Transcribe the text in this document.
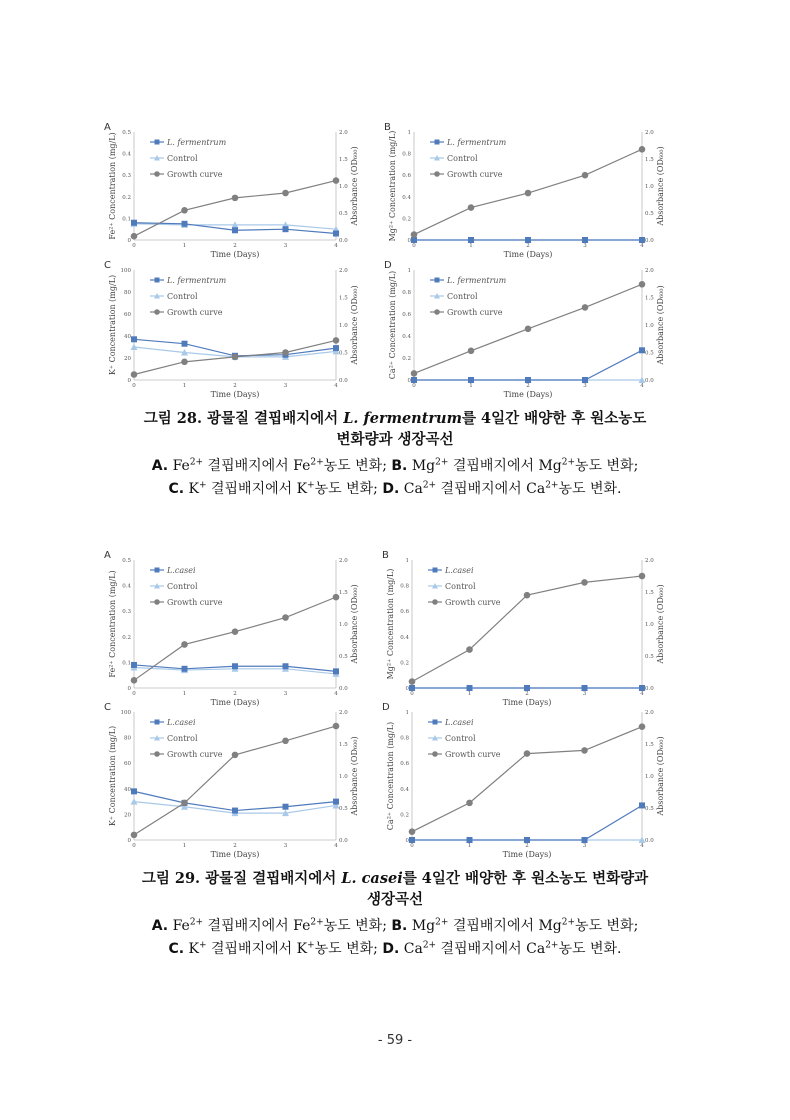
A
0
0.1
0.2
0.3
0.4
0.5
0.0
0.5
1.0
1.5
2.0
0	1	2	3	4
Time (Days)
Fe²⁺ Concentration (mg/L)	Absorbance (OD₆₀₀)
L. fermentrum
Control
Growth curve
B
0
0.2
0.4
0.6
0.8
1
0.0
0.5
1.0
1.5
2.0
0	1	2	3	4
Time (Days)
Mg²⁺ Concentration (mg/L)	Absorbance (OD₆₀₀)
L. fermentrum
Control
Growth curve
C
0
20
40
60
80
100
0.0
0.5
1.0
1.5
2.0
0	1	2	3	4
Time (Days)
K⁺ Concentration (mg/L)	Absorbance (OD₆₀₀)
L. fermentrum
Control
Growth curve
D
0
0.2
0.4
0.6
0.8
1
0.0
0.5
1.0
1.5
2.0
0	1	2	3	4
Time (Days)
Ca²⁺ Concentration (mg/L)	Absorbance (OD₆₀₀)
L. fermentrum
Control
Growth curve
A
0
0.1
0.2
0.3
0.4
0.5
0.0
0.5
1.0
1.5
2.0
0	1	2	3	4
Time (Days)
Fe²⁺ Concentration (mg/L)	Absorbance (OD₆₀₀)
L.casei
Control
Growth curve
B
0
0.2
0.4
0.6
0.8
1
0.0
0.5
1.0
1.5
2.0
0	1	2	3	4
Time (Days)
Mg²⁺ Concentration (mg/L)	Absorbance (OD₆₀₀)
L.casei
Control
Growth curve
C
0
20
40
60
80
100
0.0
0.5
1.0
1.5
2.0
0	1	2	3	4
Time (Days)
K⁺ Concentration (mg/L)	Absorbance (OD₆₀₀)
L.casei
Control
Growth curve
D
0
0.2
0.4
0.6
0.8
1
0.0
0.5
1.0
1.5
2.0
0	1	2	3	4
Time (Days)
Ca²⁺ Concentration (mg/L)	Absorbance (OD₆₀₀)
L.casei
Control
Growth curve
그림 28. 광물질 결핍배지에서 L. fermentrum를 4일간 배양한 후 원소농도
변화량과 생장곡선
A. $Fe^{2+}$ 결핍배지에서 $Fe^{2+}$농도 변화; B. $Mg^{2+}$ 결핍배지에서 $Mg^{2+}$농도 변화;
C. K+ 결핍배지에서 K+농도 변화; D. $Ca^{2+}$ 결핍배지에서 $Ca^{2+}$농도 변화.
그림 29. 광물질 결핍배지에서 L. casei를 4일간 배양한 후 원소농도 변화량과
생장곡선
A. $Fe^{2+}$ 결핍배지에서 $Fe^{2+}$농도 변화; B. $Mg^{2+}$ 결핍배지에서 $Mg^{2+}$농도 변화;
C. K+ 결핍배지에서 K+농도 변화; D. $Ca^{2+}$ 결핍배지에서 $Ca^{2+}$농도 변화.
- 59 -
